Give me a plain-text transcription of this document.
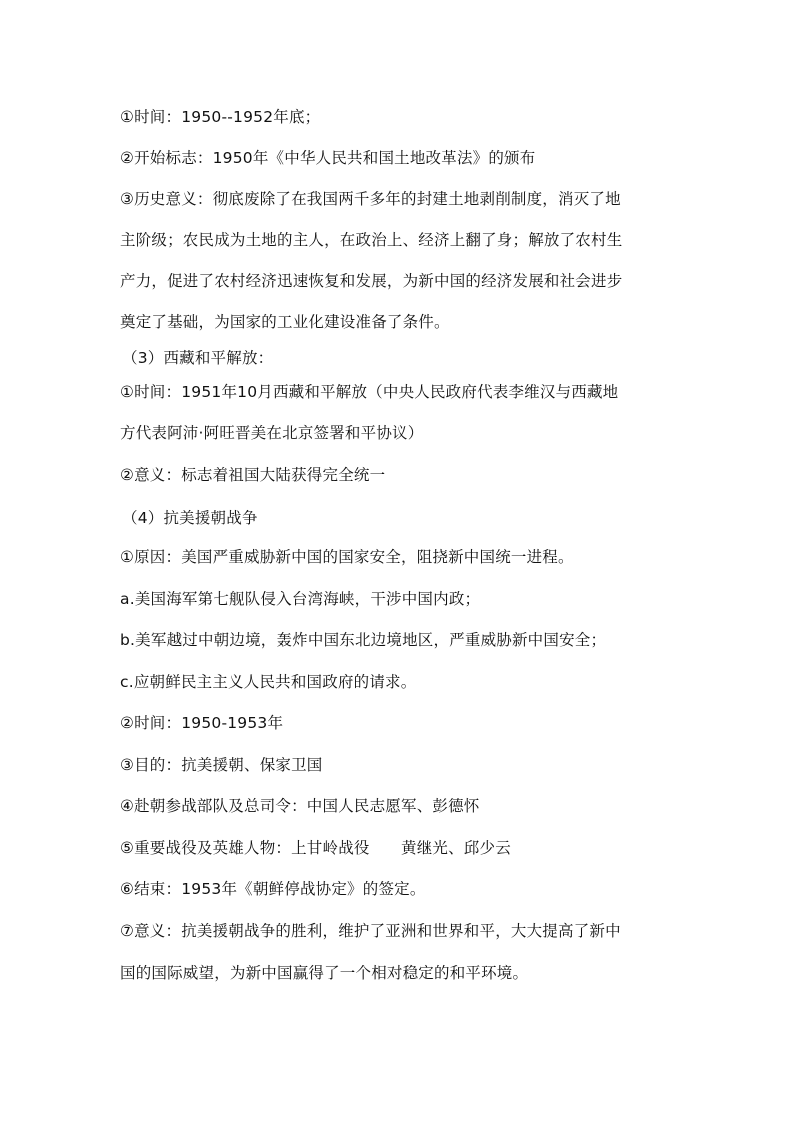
①时间：1950--1952年底；
②开始标志：1950年《中华人民共和国土地改革法》的颁布
③历史意义：彻底废除了在我国两千多年的封建土地剥削制度，消灭了地
主阶级；农民成为土地的主人，在政治上、经济上翻了身；解放了农村生
产力，促进了农村经济迅速恢复和发展，为新中国的经济发展和社会进步
奠定了基础，为国家的工业化建设准备了条件。
（3）西藏和平解放：
①时间：1951年10月西藏和平解放（中央人民政府代表李维汉与西藏地
方代表阿沛·阿旺晋美在北京签署和平协议）
②意义：标志着祖国大陆获得完全统一
（4）抗美援朝战争
①原因：美国严重威胁新中国的国家安全，阻挠新中国统一进程。
a.美国海军第七舰队侵入台湾海峡，干涉中国内政；
b.美军越过中朝边境，轰炸中国东北边境地区，严重威胁新中国安全；
c.应朝鲜民主主义人民共和国政府的请求。
②时间：1950-1953年
③目的：抗美援朝、保家卫国
④赴朝参战部队及总司令：中国人民志愿军、彭德怀
⑤重要战役及英雄人物：上甘岭战役　　黄继光、邱少云
⑥结束：1953年《朝鲜停战协定》的签定。
⑦意义：抗美援朝战争的胜利，维护了亚洲和世界和平，大大提高了新中
国的国际威望，为新中国赢得了一个相对稳定的和平环境。
